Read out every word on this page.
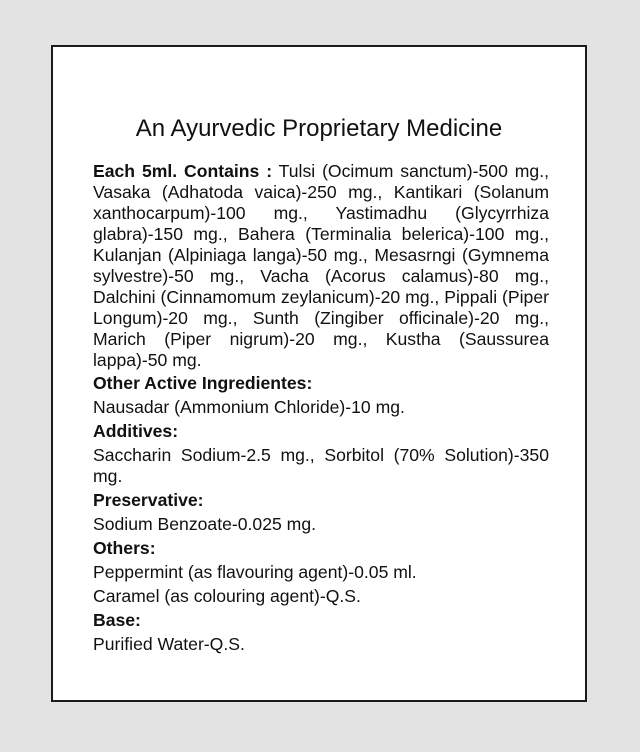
An Ayurvedic Proprietary Medicine

Each 5ml. Contains : Tulsi (Ocimum sanctum)-500 mg., Vasaka (Adhatoda vaica)-250 mg., Kantikari (Solanum xanthocarpum)-100 mg., Yastimadhu (Glycyrrhiza glabra)-150 mg., Bahera (Terminalia belerica)-100 mg., Kulanjan (Alpiniaga langa)-50 mg., Mesasrngi (Gymnema sylvestre)-50 mg., Vacha (Acorus calamus)-80 mg., Dalchini (Cinnamomum zeylanicum)-20 mg., Pippali (Piper Longum)-20 mg., Sunth (Zingiber officinale)-20 mg., Marich (Piper nigrum)-20 mg., Kustha (Saussurea lappa)-50 mg.

Other Active Ingredientes:
Nausadar (Ammonium Chloride)-10 mg.
Additives:
Saccharin Sodium-2.5 mg., Sorbitol (70% Solution)-350 mg.
Preservative:
Sodium Benzoate-0.025 mg.
Others:
Peppermint (as flavouring agent)-0.05 ml.
Caramel (as colouring agent)-Q.S.
Base:
Purified Water-Q.S.
